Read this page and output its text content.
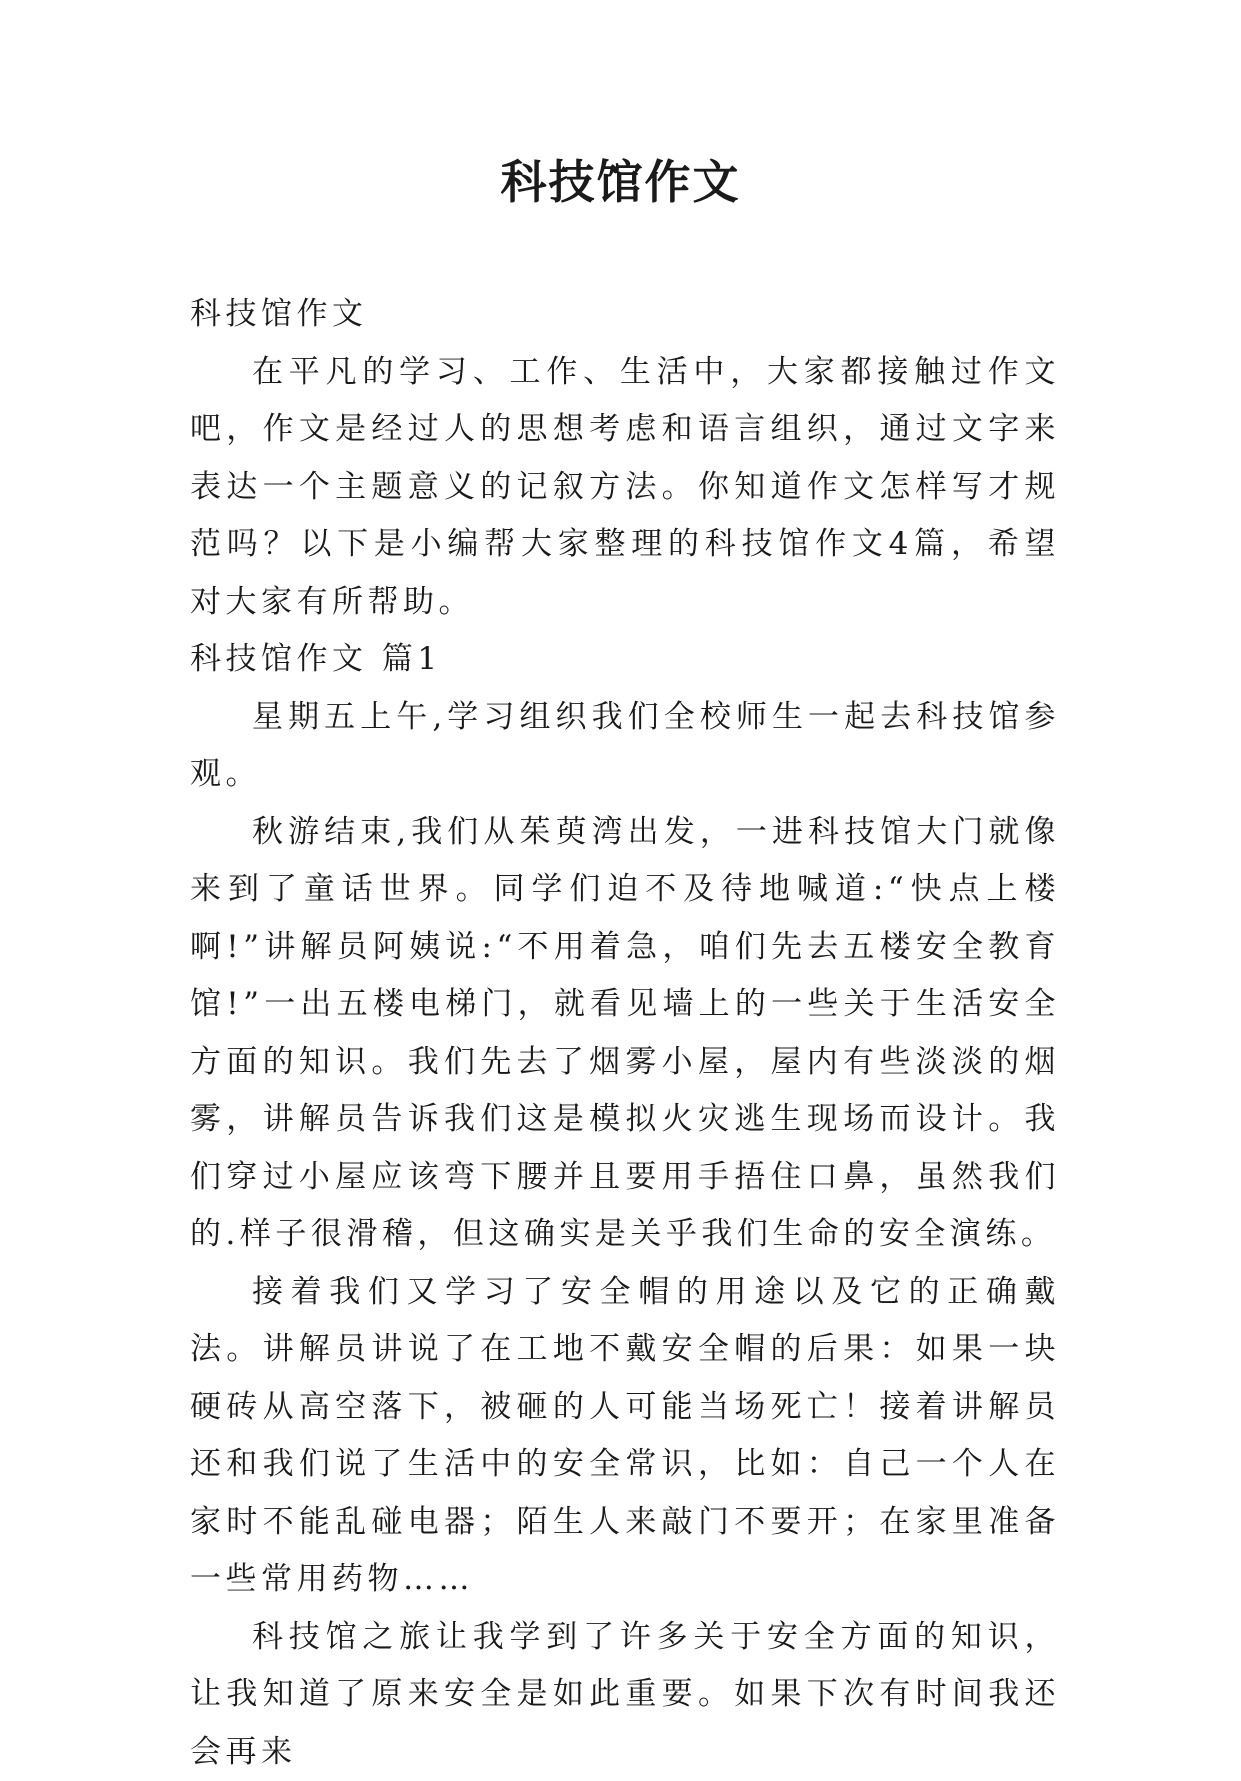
科技馆作文

科技馆作文

在平凡的学习、工作、生活中，大家都接触过作文吧，作文是经过人的思想考虑和语言组织，通过文字来表达一个主题意义的记叙方法。你知道作文怎样写才规范吗？以下是小编帮大家整理的科技馆作文4篇，希望对大家有所帮助。

科技馆作文 篇1

星期五上午,学习组织我们全校师生一起去科技馆参观。

秋游结束,我们从茱萸湾出发，一进科技馆大门就像来到了童话世界。同学们迫不及待地喊道:“快点上楼啊!”讲解员阿姨说:“不用着急，咱们先去五楼安全教育馆!”一出五楼电梯门，就看见墙上的一些关于生活安全方面的知识。我们先去了烟雾小屋，屋内有些淡淡的烟雾，讲解员告诉我们这是模拟火灾逃生现场而设计。我们穿过小屋应该弯下腰并且要用手捂住口鼻，虽然我们的.样子很滑稽，但这确实是关乎我们生命的安全演练。

接着我们又学习了安全帽的用途以及它的正确戴法。讲解员讲说了在工地不戴安全帽的后果：如果一块硬砖从高空落下，被砸的人可能当场死亡！接着讲解员还和我们说了生活中的安全常识，比如：自己一个人在家时不能乱碰电器；陌生人来敲门不要开；在家里准备一些常用药物……

科技馆之旅让我学到了许多关于安全方面的知识，让我知道了原来安全是如此重要。如果下次有时间我还会再来
